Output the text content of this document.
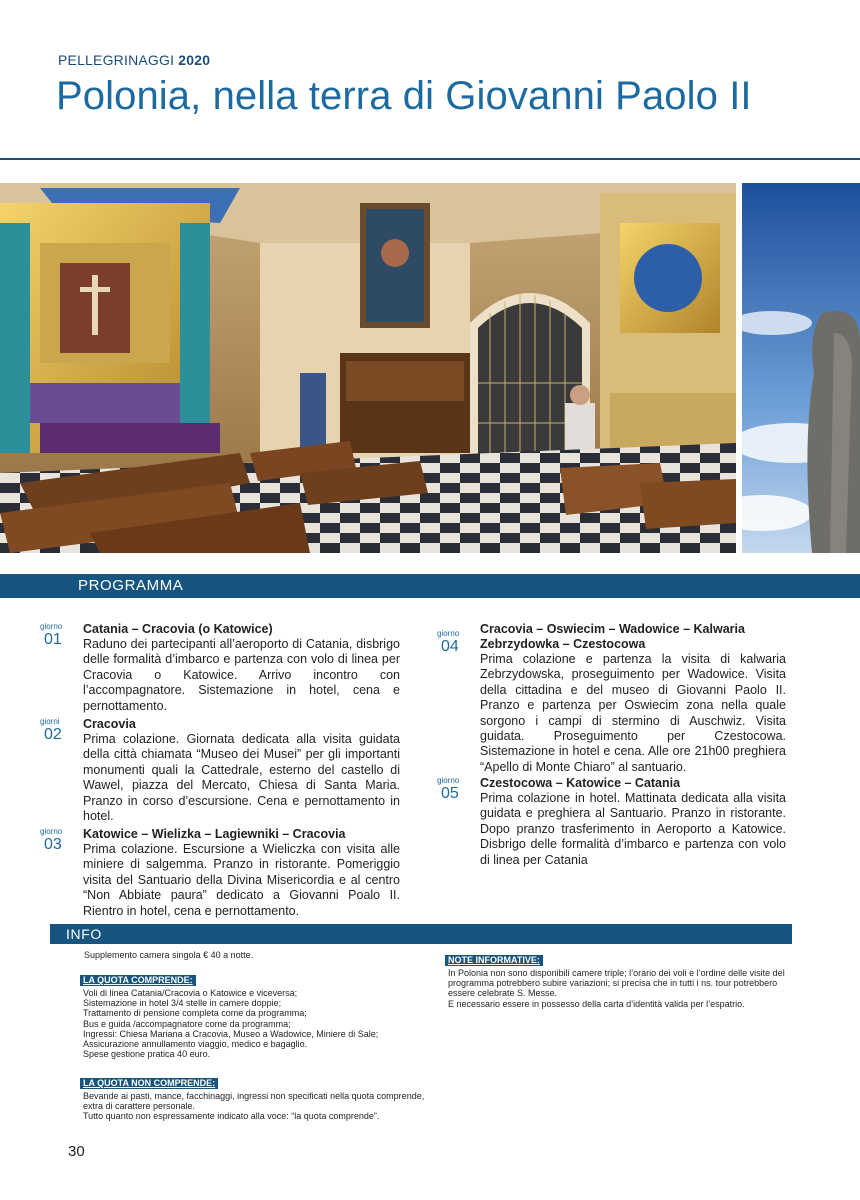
PELLEGRINAGGI 2020
Polonia, nella terra di Giovanni Paolo II
PROGRAMMA
giorno
01
Catania – Cracovia (o Katowice)
Raduno dei partecipanti all’aeroporto di Catania, disbrigo delle formalità d’imbarco e partenza con volo di linea per Cracovia o Katowice. Arrivo incontro con l’accompagnatore. Sistemazione in hotel, cena e pernottamento.
giorni
02
Cracovia
Prima colazione. Giornata dedicata alla visita guidata della città chiamata “Museo dei Musei” per gli importanti monumenti quali la Cattedrale, esterno del castello di Wawel, piazza del Mercato, Chiesa di Santa Maria. Pranzo in corso d’escursione. Cena e pernottamento in hotel.
giorno
03
Katowice – Wielizka – Lagiewniki – Cracovia
Prima colazione. Escursione a Wieliczka con visita alle miniere di salgemma. Pranzo in ristorante. Pomeriggio visita del Santuario della Divina Misericordia e al centro “Non Abbiate paura” dedicato a Giovanni Poalo II. Rientro in hotel, cena e pernottamento.
giorno
04
Cracovia – Oswiecim – Wadowice – Kalwaria Zebrzydowka – Czestocowa
Prima colazione e partenza la visita di kalwaria Zebrzydowska, proseguimento per Wadowice. Visita della cittadina e del museo di Giovanni Paolo II. Pranzo e partenza per Oswiecim zona nella quale sorgono i campi di stermino di Auschwiz. Visita guidata. Proseguimento per Czestocowa. Sistemazione in hotel e cena. Alle ore 21h00 preghiera “Apello di Monte Chiaro” al santuario.
giorno
05
Czestocowa – Katowice – Catania
Prima colazione in hotel. Mattinata dedicata alla visita guidata e preghiera al Santuario. Pranzo in ristorante. Dopo pranzo trasferimento in Aeroporto a Katowice. Disbrigo delle formalità d’imbarco e partenza con volo di linea per Catania
INFO
Supplemento camera singola € 40 a notte.
LA QUOTA COMPRENDE:
Voli di linea Catania/Cracovia o Katowice e viceversa;
Sistemazione in hotel 3/4 stelle in camere doppie;
Trattamento di pensione completa come da programma;
Bus e guida /accompagnatore come da programma;
Ingressi: Chiesa Mariana a Cracovia, Museo a Wadowice, Miniere di Sale;
Assicurazione annullamento viaggio, medico e bagaglio.
Spese gestione pratica 40 euro.
LA QUOTA NON COMPRENDE:
Bevande ai pasti, mance, facchinaggi, ingressi non specificati nella quota comprende, extra di carattere personale.
Tutto quanto non espressamente indicato alla voce: “la quota comprende”.
NOTE INFORMATIVE:
In Polonia non sono disponibili camere triple; l’orario dei voli e l’ordine delle visite del programma potrebbero subire variazioni; si precisa che in tutti i ns. tour potrebbero essere celebrate S. Messe.
E necessario essere in possesso della carta d’identità valida per l’espatrio.
30
